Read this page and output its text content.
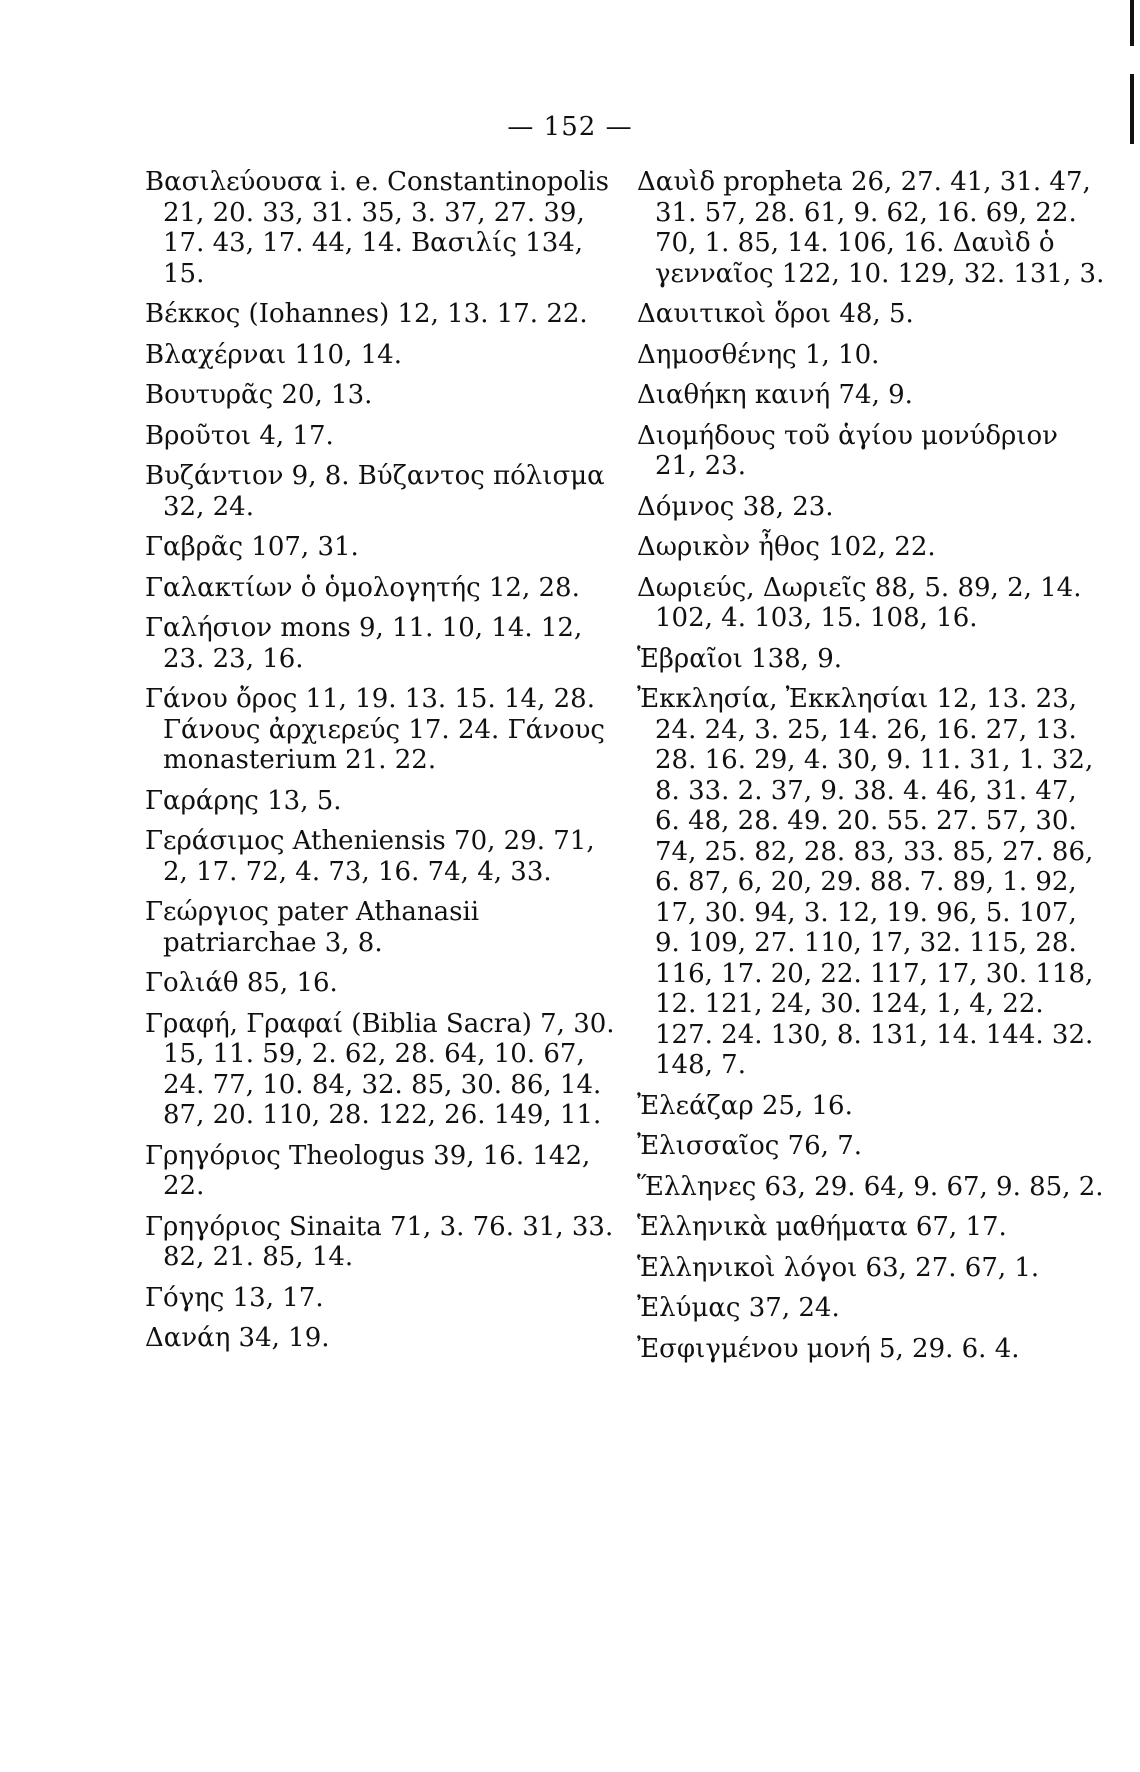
— 152 —
Βασιλεύουσα i. e. Constantinopolis 21, 20. 33, 31. 35, 3. 37, 27. 39, 17. 43, 17. 44, 14. Βασιλίς 134, 15.
Βέκκος (Iohannes) 12, 13. 17. 22.
Βλαχέρναι 110, 14.
Βουτυρᾶς 20, 13.
Βροῦτοι 4, 17.
Βυζάντιον 9, 8. Βύζαντος πόλισμα 32, 24.
Γαβρᾶς 107, 31.
Γαλακτίων ὁ ὁμολογητής 12, 28.
Γαλήσιον mons 9, 11. 10, 14. 12, 23. 23, 16.
Γάνου ὄρος 11, 19. 13. 15. 14, 28. Γάνους ἀρχιερεύς 17. 24. Γάνους monasterium 21. 22.
Γαράρης 13, 5.
Γεράσιμος Atheniensis 70, 29. 71, 2, 17. 72, 4. 73, 16. 74, 4, 33.
Γεώργιος pater Athanasii patriarchae 3, 8.
Γολιάθ 85, 16.
Γραφή, Γραφαί (Biblia Sacra) 7, 30. 15, 11. 59, 2. 62, 28. 64, 10. 67, 24. 77, 10. 84, 32. 85, 30. 86, 14. 87, 20. 110, 28. 122, 26. 149, 11.
Γρηγόριος Theologus 39, 16. 142, 22.
Γρηγόριος Sinaita 71, 3. 76. 31, 33. 82, 21. 85, 14.
Γόγης 13, 17.
Δανάη 34, 19.
Δαυὶδ propheta 26, 27. 41, 31. 47, 31. 57, 28. 61, 9. 62, 16. 69, 22. 70, 1. 85, 14. 106, 16. Δαυὶδ ὁ γενναῖος 122, 10. 129, 32. 131, 3.
Δαυιτικοὶ ὅροι 48, 5.
Δημοσθένης 1, 10.
Διαθήκη καινή 74, 9.
Διομήδους τοῦ ἁγίου μονύδριον 21, 23.
Δόμνος 38, 23.
Δωρικὸν ἦθος 102, 22.
Δωριεύς, Δωριεῖς 88, 5. 89, 2, 14. 102, 4. 103, 15. 108, 16.
Ἑβραῖοι 138, 9.
Ἐκκλησία, Ἐκκλησίαι 12, 13. 23, 24. 24, 3. 25, 14. 26, 16. 27, 13. 28. 16. 29, 4. 30, 9. 11. 31, 1. 32, 8. 33. 2. 37, 9. 38. 4. 46, 31. 47, 6. 48, 28. 49. 20. 55. 27. 57, 30. 74, 25. 82, 28. 83, 33. 85, 27. 86, 6. 87, 6, 20, 29. 88. 7. 89, 1. 92, 17, 30. 94, 3. 12, 19. 96, 5. 107, 9. 109, 27. 110, 17, 32. 115, 28. 116, 17. 20, 22. 117, 17, 30. 118, 12. 121, 24, 30. 124, 1, 4, 22. 127. 24. 130, 8. 131, 14. 144. 32. 148, 7.
Ἐλεάζαρ 25, 16.
Ἐλισσαῖος 76, 7.
Ἕλληνες 63, 29. 64, 9. 67, 9. 85, 2.
Ἑλληνικὰ μαθήματα 67, 17.
Ἑλληνικοὶ λόγοι 63, 27. 67, 1.
Ἐλύμας 37, 24.
Ἐσφιγμένου μονή 5, 29. 6. 4.
